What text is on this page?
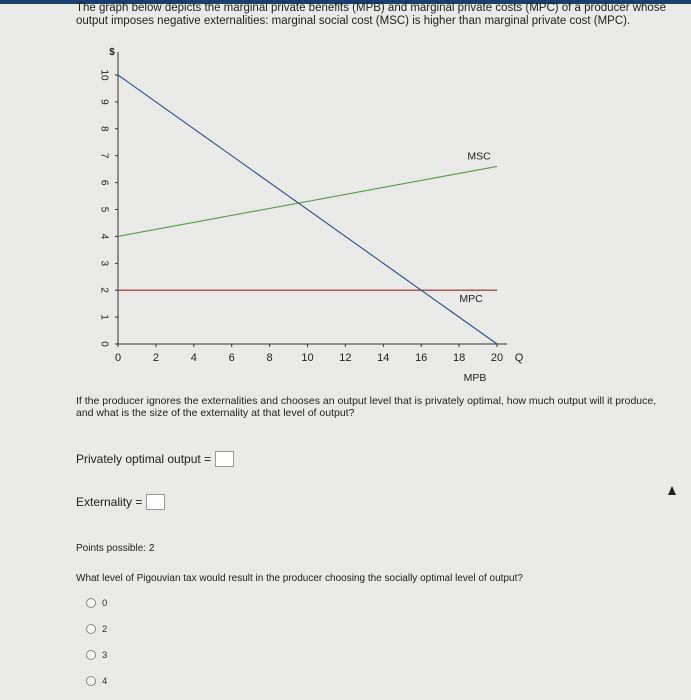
The graph below depicts the marginal private benefits (MPB) and marginal private costs (MPC) of a producer whose output imposes negative externalities: marginal social cost (MSC) is higher than marginal private cost (MPC).
0
1
2
3
4
5
6
7
8
9
10
$
0	2	4	6	8	10 12 14 16 18 20 Q
MSC
MPC
MPB
If the producer ignores the externalities and chooses an output level that is privately optimal, how much output will it produce, and what is the size of the externality at that level of output?
Privately optimal output =
Externality =
Points possible: 2
What level of Pigouvian tax would result in the producer choosing the socially optimal level of output?
0
2
3
4
